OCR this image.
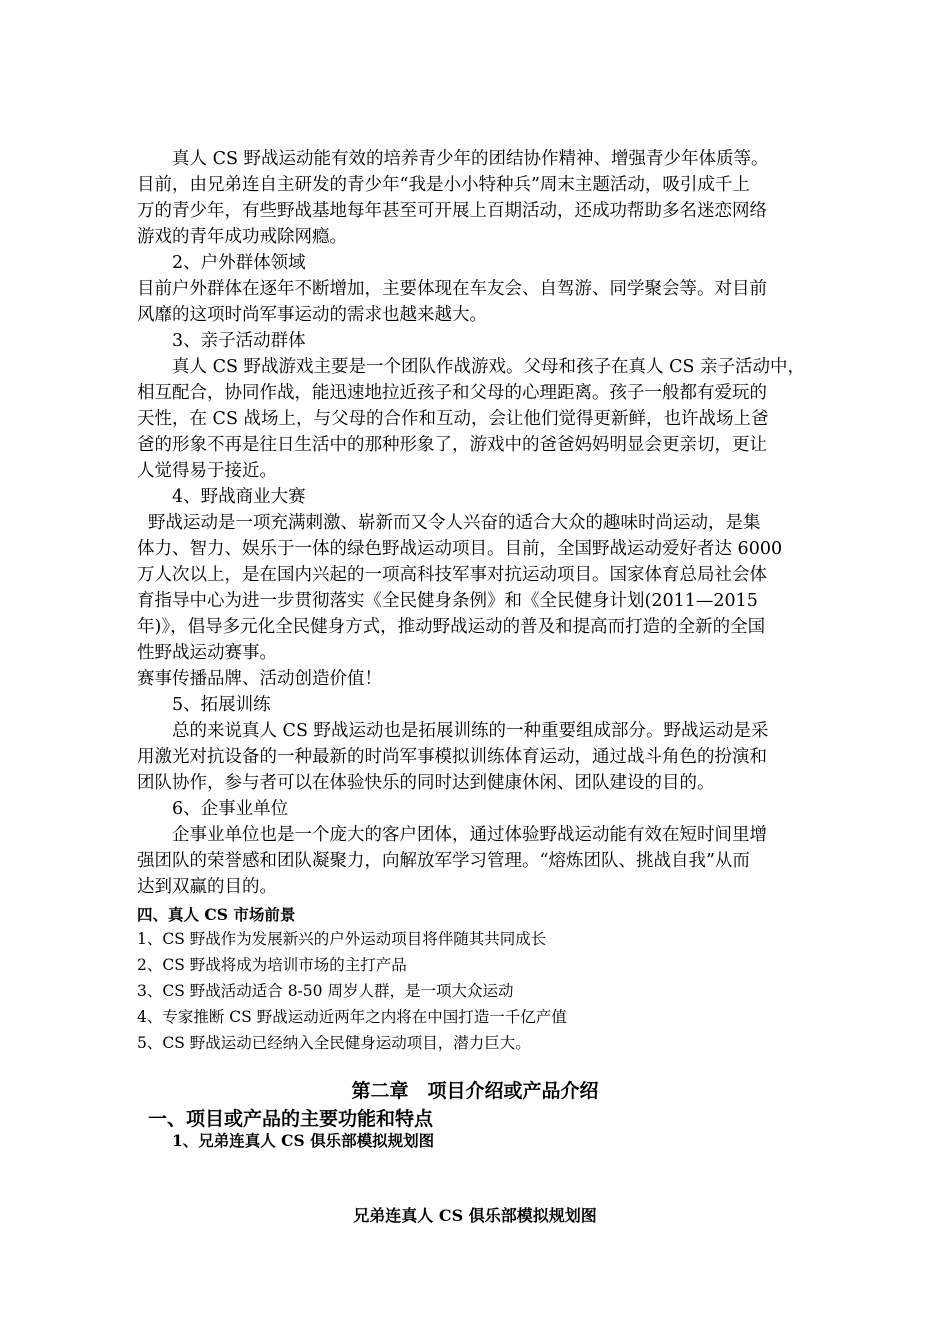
真人 CS 野战运动能有效的培养青少年的团结协作精神、增强青少年体质等。
目前，由兄弟连自主研发的青少年“我是小小特种兵”周末主题活动，吸引成千上
万的青少年，有些野战基地每年甚至可开展上百期活动，还成功帮助多名迷恋网络
游戏的青年成功戒除网瘾。
2、户外群体领域
目前户外群体在逐年不断增加，主要体现在车友会、自驾游、同学聚会等。对目前
风靡的这项时尚军事运动的需求也越来越大。
3、亲子活动群体
真人 CS 野战游戏主要是一个团队作战游戏。父母和孩子在真人 CS 亲子活动中，
相互配合，协同作战，能迅速地拉近孩子和父母的心理距离。孩子一般都有爱玩的
天性，在 CS 战场上，与父母的合作和互动，会让他们觉得更新鲜，也许战场上爸
爸的形象不再是往日生活中的那种形象了，游戏中的爸爸妈妈明显会更亲切，更让
人觉得易于接近。
4、野战商业大赛
野战运动是一项充满刺激、崭新而又令人兴奋的适合大众的趣味时尚运动，是集
体力、智力、娱乐于一体的绿色野战运动项目。目前，全国野战运动爱好者达 6000
万人次以上，是在国内兴起的一项高科技军事对抗运动项目。国家体育总局社会体
育指导中心为进一步贯彻落实《全民健身条例》和《全民健身计划(2011—2015
年)》，倡导多元化全民健身方式，推动野战运动的普及和提高而打造的全新的全国
性野战运动赛事。
赛事传播品牌、活动创造价值！
5、拓展训练
总的来说真人 CS 野战运动也是拓展训练的一种重要组成部分。野战运动是采
用激光对抗设备的一种最新的时尚军事模拟训练体育运动，通过战斗角色的扮演和
团队协作，参与者可以在体验快乐的同时达到健康休闲、团队建设的目的。
6、企事业单位
企事业单位也是一个庞大的客户团体，通过体验野战运动能有效在短时间里增
强团队的荣誉感和团队凝聚力，向解放军学习管理。“熔炼团队、挑战自我”从而
达到双赢的目的。
四、真人 CS 市场前景
1、CS 野战作为发展新兴的户外运动项目将伴随其共同成长
2、CS 野战将成为培训市场的主打产品
3、CS 野战活动适合 8-50 周岁人群，是一项大众运动
4、专家推断 CS 野战运动近两年之内将在中国打造一千亿产值
5、CS 野战运动已经纳入全民健身运动项目，潜力巨大。
第二章　项目介绍或产品介绍
一、项目或产品的主要功能和特点
1、兄弟连真人 CS 俱乐部模拟规划图
兄弟连真人 CS 俱乐部模拟规划图
